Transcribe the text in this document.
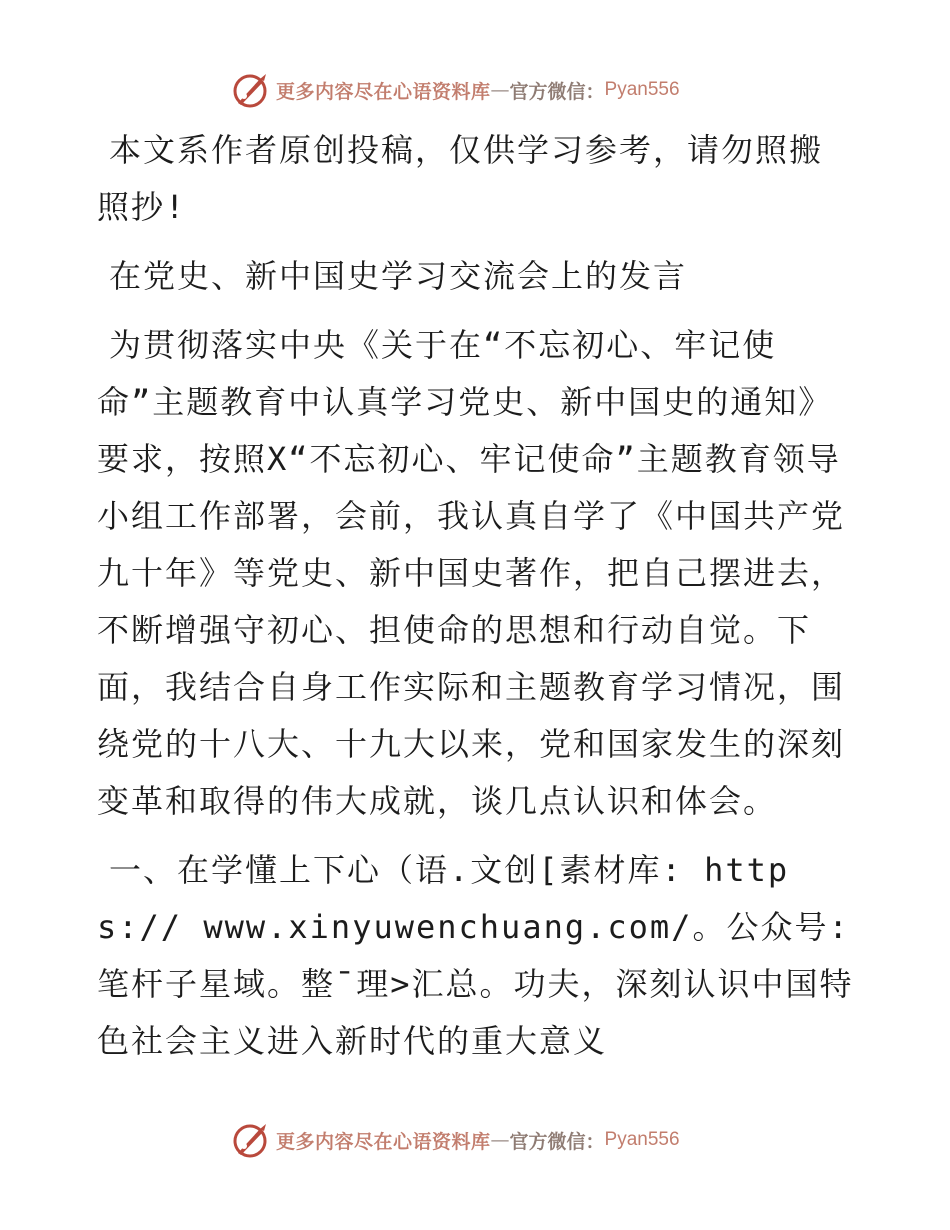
更多内容尽在心语资料库 — 官方微信： Pyan556

本文系作者原创投稿，仅供学习参考，请勿照搬照抄!

在党史、新中国史学习交流会上的发言

为贯彻落实中央《关于在“不忘初心、牢记使命”主题教育中认真学习党史、新中国史的通知》要求，按照X“不忘初心、牢记使命”主题教育领导小组工作部署，会前，我认真自学了《中国共产党九十年》等党史、新中国史著作，把自己摆进去，不断增强守初心、担使命的思想和行动自觉。下面，我结合自身工作实际和主题教育学习情况，围绕党的十八大、十九大以来，党和国家发生的深刻变革和取得的伟大成就，谈几点认识和体会。

一、在学懂上下心（语.文创[素材库: https:// www.xinyuwenchuang.com/。公众号: 笔杆子星域。整¯理>汇总。功夫，深刻认识中国特色社会主义进入新时代的重大意义

更多内容尽在心语资料库 — 官方微信： Pyan556
